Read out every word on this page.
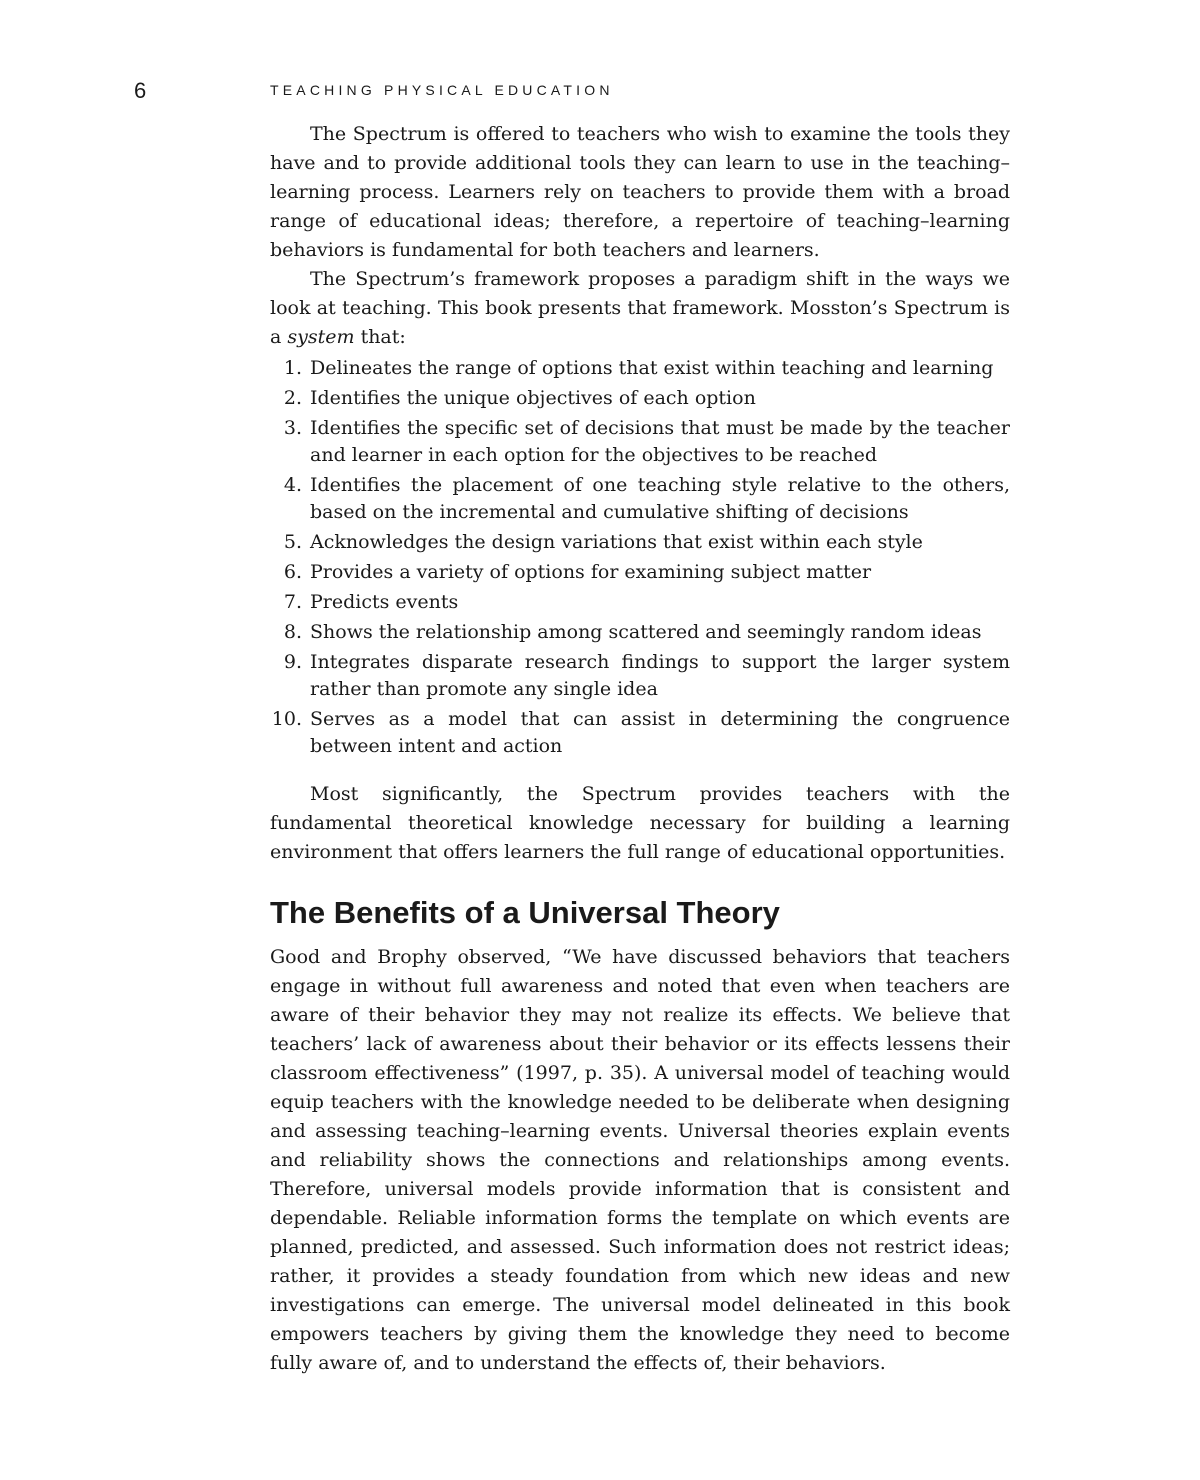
6	TEACHING PHYSICAL EDUCATION

The Spectrum is offered to teachers who wish to examine the tools they have and to provide additional tools they can learn to use in the teaching–learning process. Learners rely on teachers to provide them with a broad range of educational ideas; therefore, a repertoire of teaching–learning behaviors is fundamental for both teachers and learners.

The Spectrum’s framework proposes a paradigm shift in the ways we look at teaching. This book presents that framework. Mosston’s Spectrum is a system that:

1. Delineates the range of options that exist within teaching and learning
2. Identifies the unique objectives of each option
3. Identifies the specific set of decisions that must be made by the teacher and learner in each option for the objectives to be reached
4. Identifies the placement of one teaching style relative to the others, based on the incremental and cumulative shifting of decisions
5. Acknowledges the design variations that exist within each style
6. Provides a variety of options for examining subject matter
7. Predicts events
8. Shows the relationship among scattered and seemingly random ideas
9. Integrates disparate research findings to support the larger system rather than promote any single idea
10. Serves as a model that can assist in determining the congruence between intent and action

Most significantly, the Spectrum provides teachers with the fundamental theoretical knowledge necessary for building a learning environment that offers learners the full range of educational opportunities.

The Benefits of a Universal Theory

Good and Brophy observed, “We have discussed behaviors that teachers engage in without full awareness and noted that even when teachers are aware of their behavior they may not realize its effects. We believe that teachers’ lack of awareness about their behavior or its effects lessens their classroom effectiveness” (1997, p. 35). A universal model of teaching would equip teachers with the knowledge needed to be deliberate when designing and assessing teaching–learning events. Universal theories explain events and reliability shows the connections and relationships among events. Therefore, universal models provide information that is consistent and dependable. Reliable information forms the template on which events are planned, predicted, and assessed. Such information does not restrict ideas; rather, it provides a steady foundation from which new ideas and new investigations can emerge. The universal model delineated in this book empowers teachers by giving them the knowledge they need to become fully aware of, and to understand the effects of, their behaviors.
